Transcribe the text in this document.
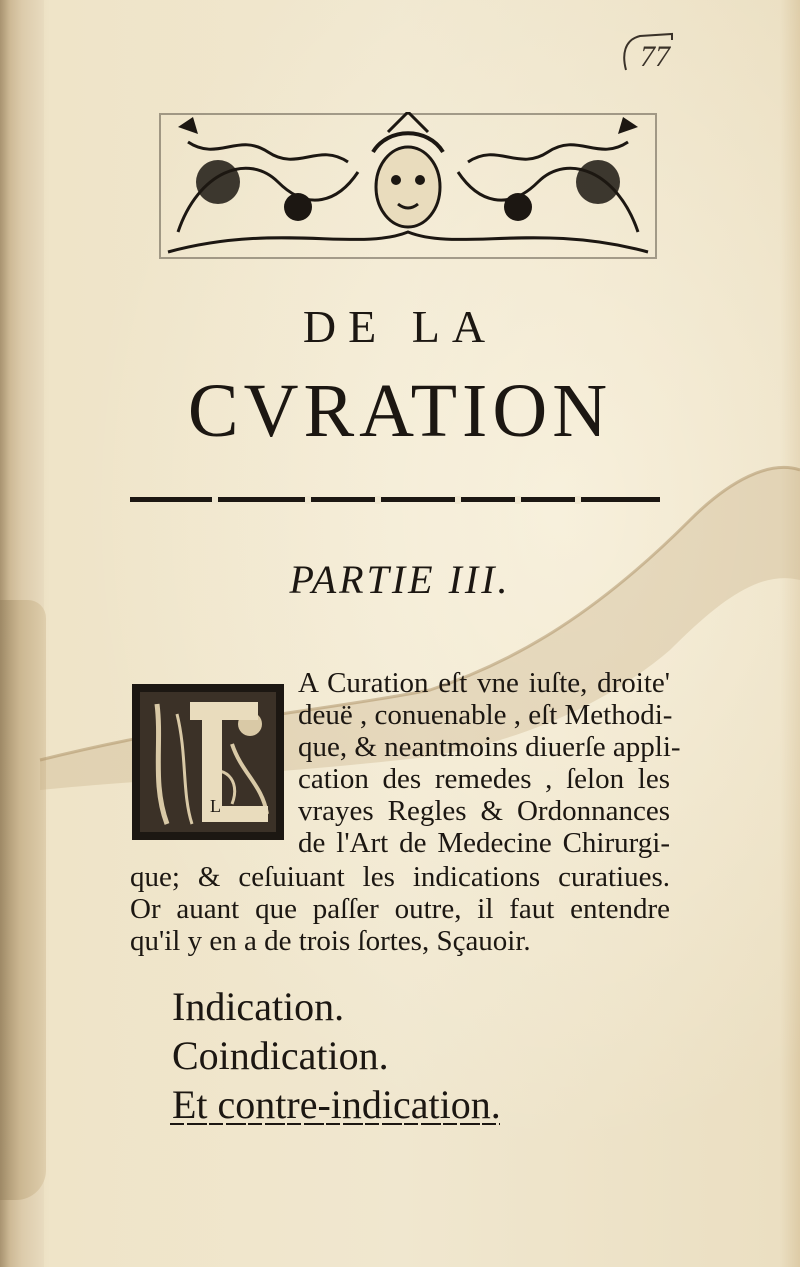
77
DE LA
CVRATION
PARTIE III.
L
A Curation eſt vne iuſte, droite'
deuë , conuenable , eſt Methodi-
que, & neantmoins diuerſe appli-
cation des remedes , ſelon les
vrayes Regles & Ordonnances
de l'Art de Medecine Chirurgi-
que; & ceſuiuant les indications curatiues.
Or auant que paſſer outre, il faut entendre
qu'il y en a de trois ſortes, Sçauoir.
Indication.
Coindication.
Et contre-indication.
